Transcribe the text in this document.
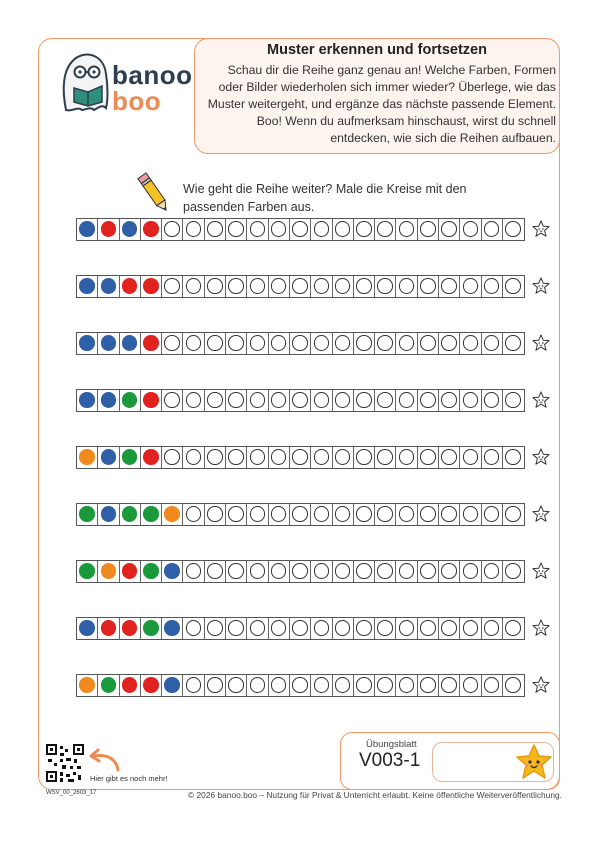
banoo
boo
Muster erkennen und fortsetzen
Schau dir die Reihe ganz genau an! Welche Farben, Formen oder Bilder wiederholen sich immer wieder? Überlege, wie das Muster weitergeht, und ergänze das nächste passende Element. Boo! Wenn du aufmerksam hinschaust, wirst du schnell entdecken, wie sich die Reihen aufbauen.
Wie geht die Reihe weiter? Male die Kreise mit den passenden Farben aus.
Hier gibt es noch mehr!
WSV_00_2603_17
Übungsblatt
V003-1
© 2026 banoo.boo – Nutzung für Privat & Unterricht erlaubt. Keine öffentliche Weiterveröffentlichung.
